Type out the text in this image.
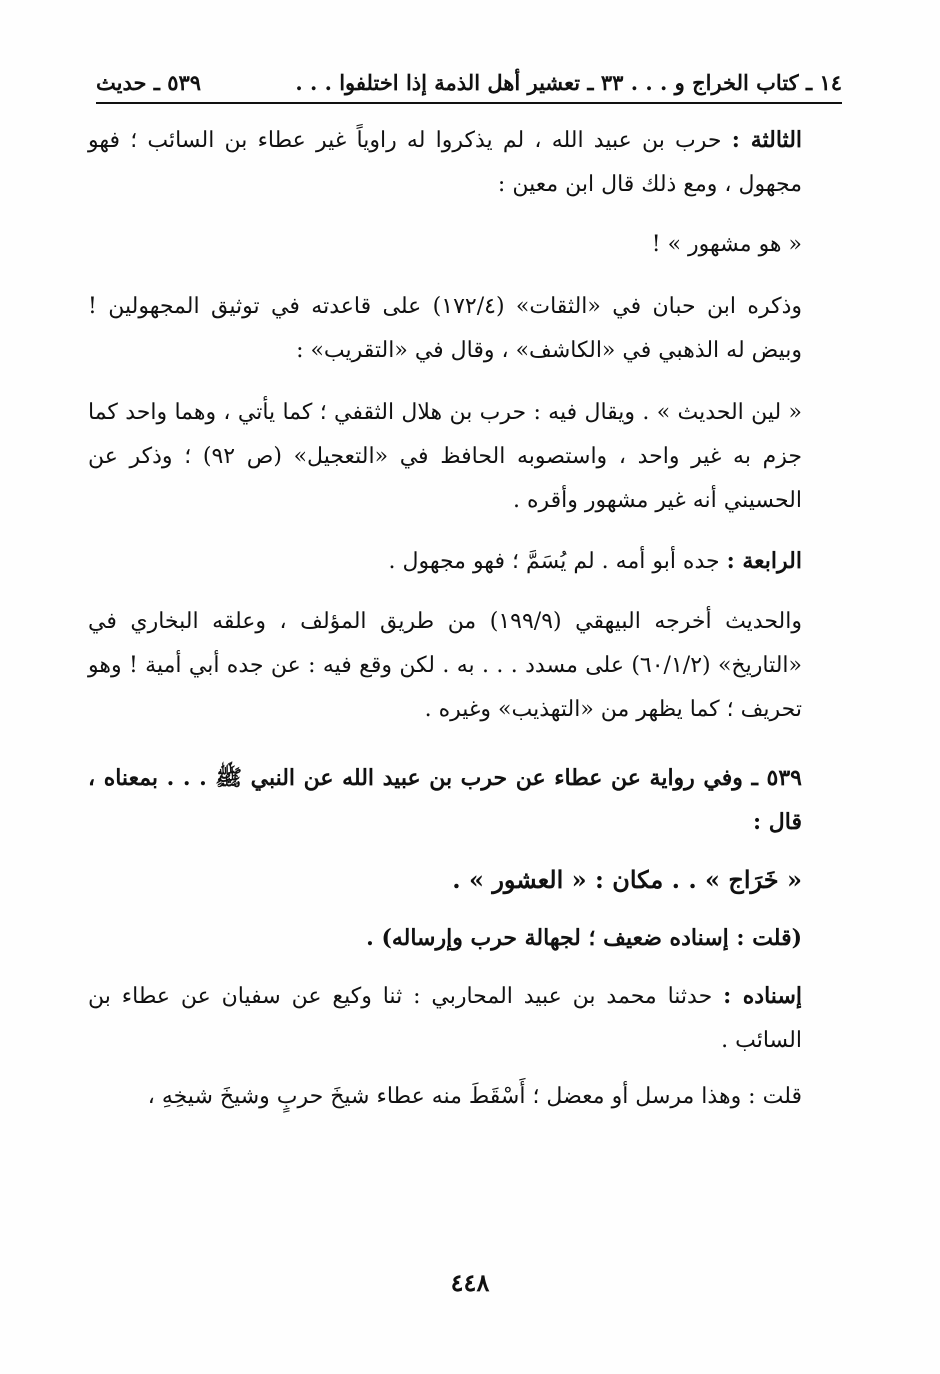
١٤ ـ كتاب الخراج و . . . ٣٣ ـ تعشير أهل الذمة إذا اختلفوا . . .
٥٣٩ ـ حديث

الثالثة : حرب بن عبيد الله ، لم يذكروا له راوياً غير عطاء بن السائب ؛ فهو مجهول ، ومع ذلك قال ابن معين :

« هو مشهور » !

وذكره ابن حبان في «الثقات» (١٧٢/٤) على قاعدته في توثيق المجهولين ! وبيض له الذهبي في «الكاشف» ، وقال في «التقريب» :

« لين الحديث » . ويقال فيه : حرب بن هلال الثقفي ؛ كما يأتي ، وهما واحد كما جزم به غير واحد ، واستصوبه الحافظ في «التعجيل» (ص ٩٢) ؛ وذكر عن الحسيني أنه غير مشهور وأقره .

الرابعة : جده أبو أمه . لم يُسَمَّ ؛ فهو مجهول .

والحديث أخرجه البيهقي (١٩٩/٩) من طريق المؤلف ، وعلقه البخاري في «التاريخ» (٦٠/١/٢) على مسدد . . . به . لكن وقع فيه : عن جده أبي أمية ! وهو تحريف ؛ كما يظهر من «التهذيب» وغيره .

٥٣٩ ـ وفي رواية عن عطاء عن حرب بن عبيد الله عن النبي ﷺ . . . بمعناه ، قال :

« خَرَاج » . . مكان : « العشور » .

(قلت : إسناده ضعيف ؛ لجهالة حرب وإرساله) .

إسناده : حدثنا محمد بن عبيد المحاربي : ثنا وكيع عن سفيان عن عطاء بن السائب .

قلت : وهذا مرسل أو معضل ؛ أَسْقَطَ منه عطاء شيخَ حربٍ وشيخَ شيخِهِ ،

٤٤٨
